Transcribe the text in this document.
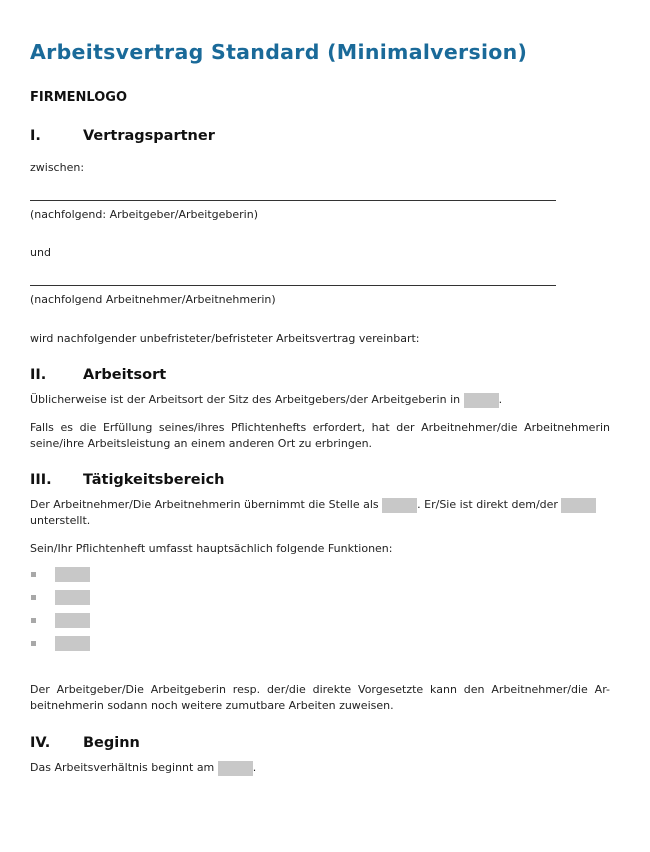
Arbeitsvertrag Standard (Minimalversion)
FIRMENLOGO
I.	Vertragspartner
zwischen:
(nachfolgend: Arbeitgeber/Arbeitgeberin)
und
(nachfolgend Arbeitnehmer/Arbeitnehmerin)
wird nachfolgender unbefristeter/befristeter Arbeitsvertrag vereinbart:
II.	Arbeitsort
Üblicherweise ist der Arbeitsort der Sitz des Arbeitgebers/der Arbeitgeberin in	.
Falls es die Erfüllung seines/ihres Pflichtenhefts erfordert, hat der Arbeitnehmer/die Arbeitnehmerin seine/ihre Arbeitsleistung an einem anderen Ort zu erbringen.
III. Tätigkeitsbereich
Der Arbeitnehmer/Die Arbeitnehmerin übernimmt die Stelle als	. Er/Sie ist direkt dem/der
unterstellt.
Sein/Ihr Pflichtenheft umfasst hauptsächlich folgende Funktionen:
Der Arbeitgeber/Die Arbeitgeberin resp. der/die direkte Vorgesetzte kann den Arbeitnehmer/die Ar-beitnehmerin sodann noch weitere zumutbare Arbeiten zuweisen.
IV. Beginn
Das Arbeitsverhältnis beginnt am	.
